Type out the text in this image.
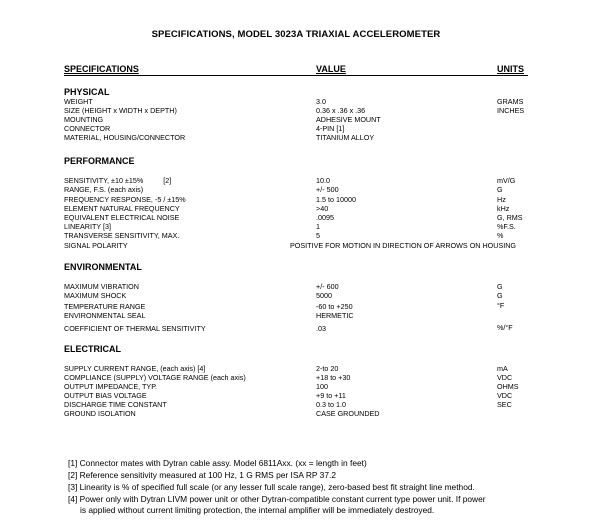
SPECIFICATIONS, MODEL 3023A TRIAXIAL ACCELEROMETER
SPECIFICATIONS	VALUE	UNITS
PHYSICAL
WEIGHT	3.0	GRAMS
SIZE (HEIGHT x WIDTH x DEPTH)	0.36 x .36 x .36	INCHES
MOUNTING	ADHESIVE MOUNT
CONNECTOR	4-PIN [1]
MATERIAL, HOUSING/CONNECTOR	TITANIUM ALLOY
PERFORMANCE
SENSITIVITY, ±10 ±15%	[2]	10.0	mV/G
RANGE, F.S. (each axis)	+/- 500	G
FREQUENCY RESPONSE, -5 / ±15%	1.5 to 10000	Hz
ELEMENT NATURAL FREQUENCY	>40	kHz
EQUIVALENT ELECTRICAL NOISE	.0095	G, RMS
LINEARITY [3]	1	%F.S.
TRANSVERSE SENSITIVITY, MAX.	5	%
SIGNAL POLARITY	POSITIVE FOR MOTION IN DIRECTION OF ARROWS ON HOUSING
ENVIRONMENTAL
MAXIMUM VIBRATION	+/- 600	G
MAXIMUM SHOCK	5000	G
TEMPERATURE RANGE	-60 to +250	°F
ENVIRONMENTAL SEAL	HERMETIC
COEFFICIENT OF THERMAL SENSITIVITY	.03	%/°F
ELECTRICAL
SUPPLY CURRENT RANGE, (each axis) [4]	2-to 20	mA
COMPLIANCE (SUPPLY) VOLTAGE RANGE (each axis)	+18 to +30	VDC
OUTPUT IMPEDANCE, TYP.	100	OHMS
OUTPUT BIAS VOLTAGE	+9 to +11	VDC
DISCHARGE TIME CONSTANT	0.3 to 1.0	SEC
GROUND ISOLATION	CASE GROUNDED
[1] Connector mates with Dytran cable assy. Model 6811Axx. (xx = length in feet)
[2] Reference sensitivity measured at 100 Hz, 1 G RMS per ISA RP 37.2
[3] Linearity is % of specified full scale (or any lesser full scale range), zero-based best fit straight line method.
[4] Power only with Dytran LIVM power unit or other Dytran-compatible constant current type power unit. If power
is applied without current limiting protection, the internal amplifier will be immediately destroyed.
